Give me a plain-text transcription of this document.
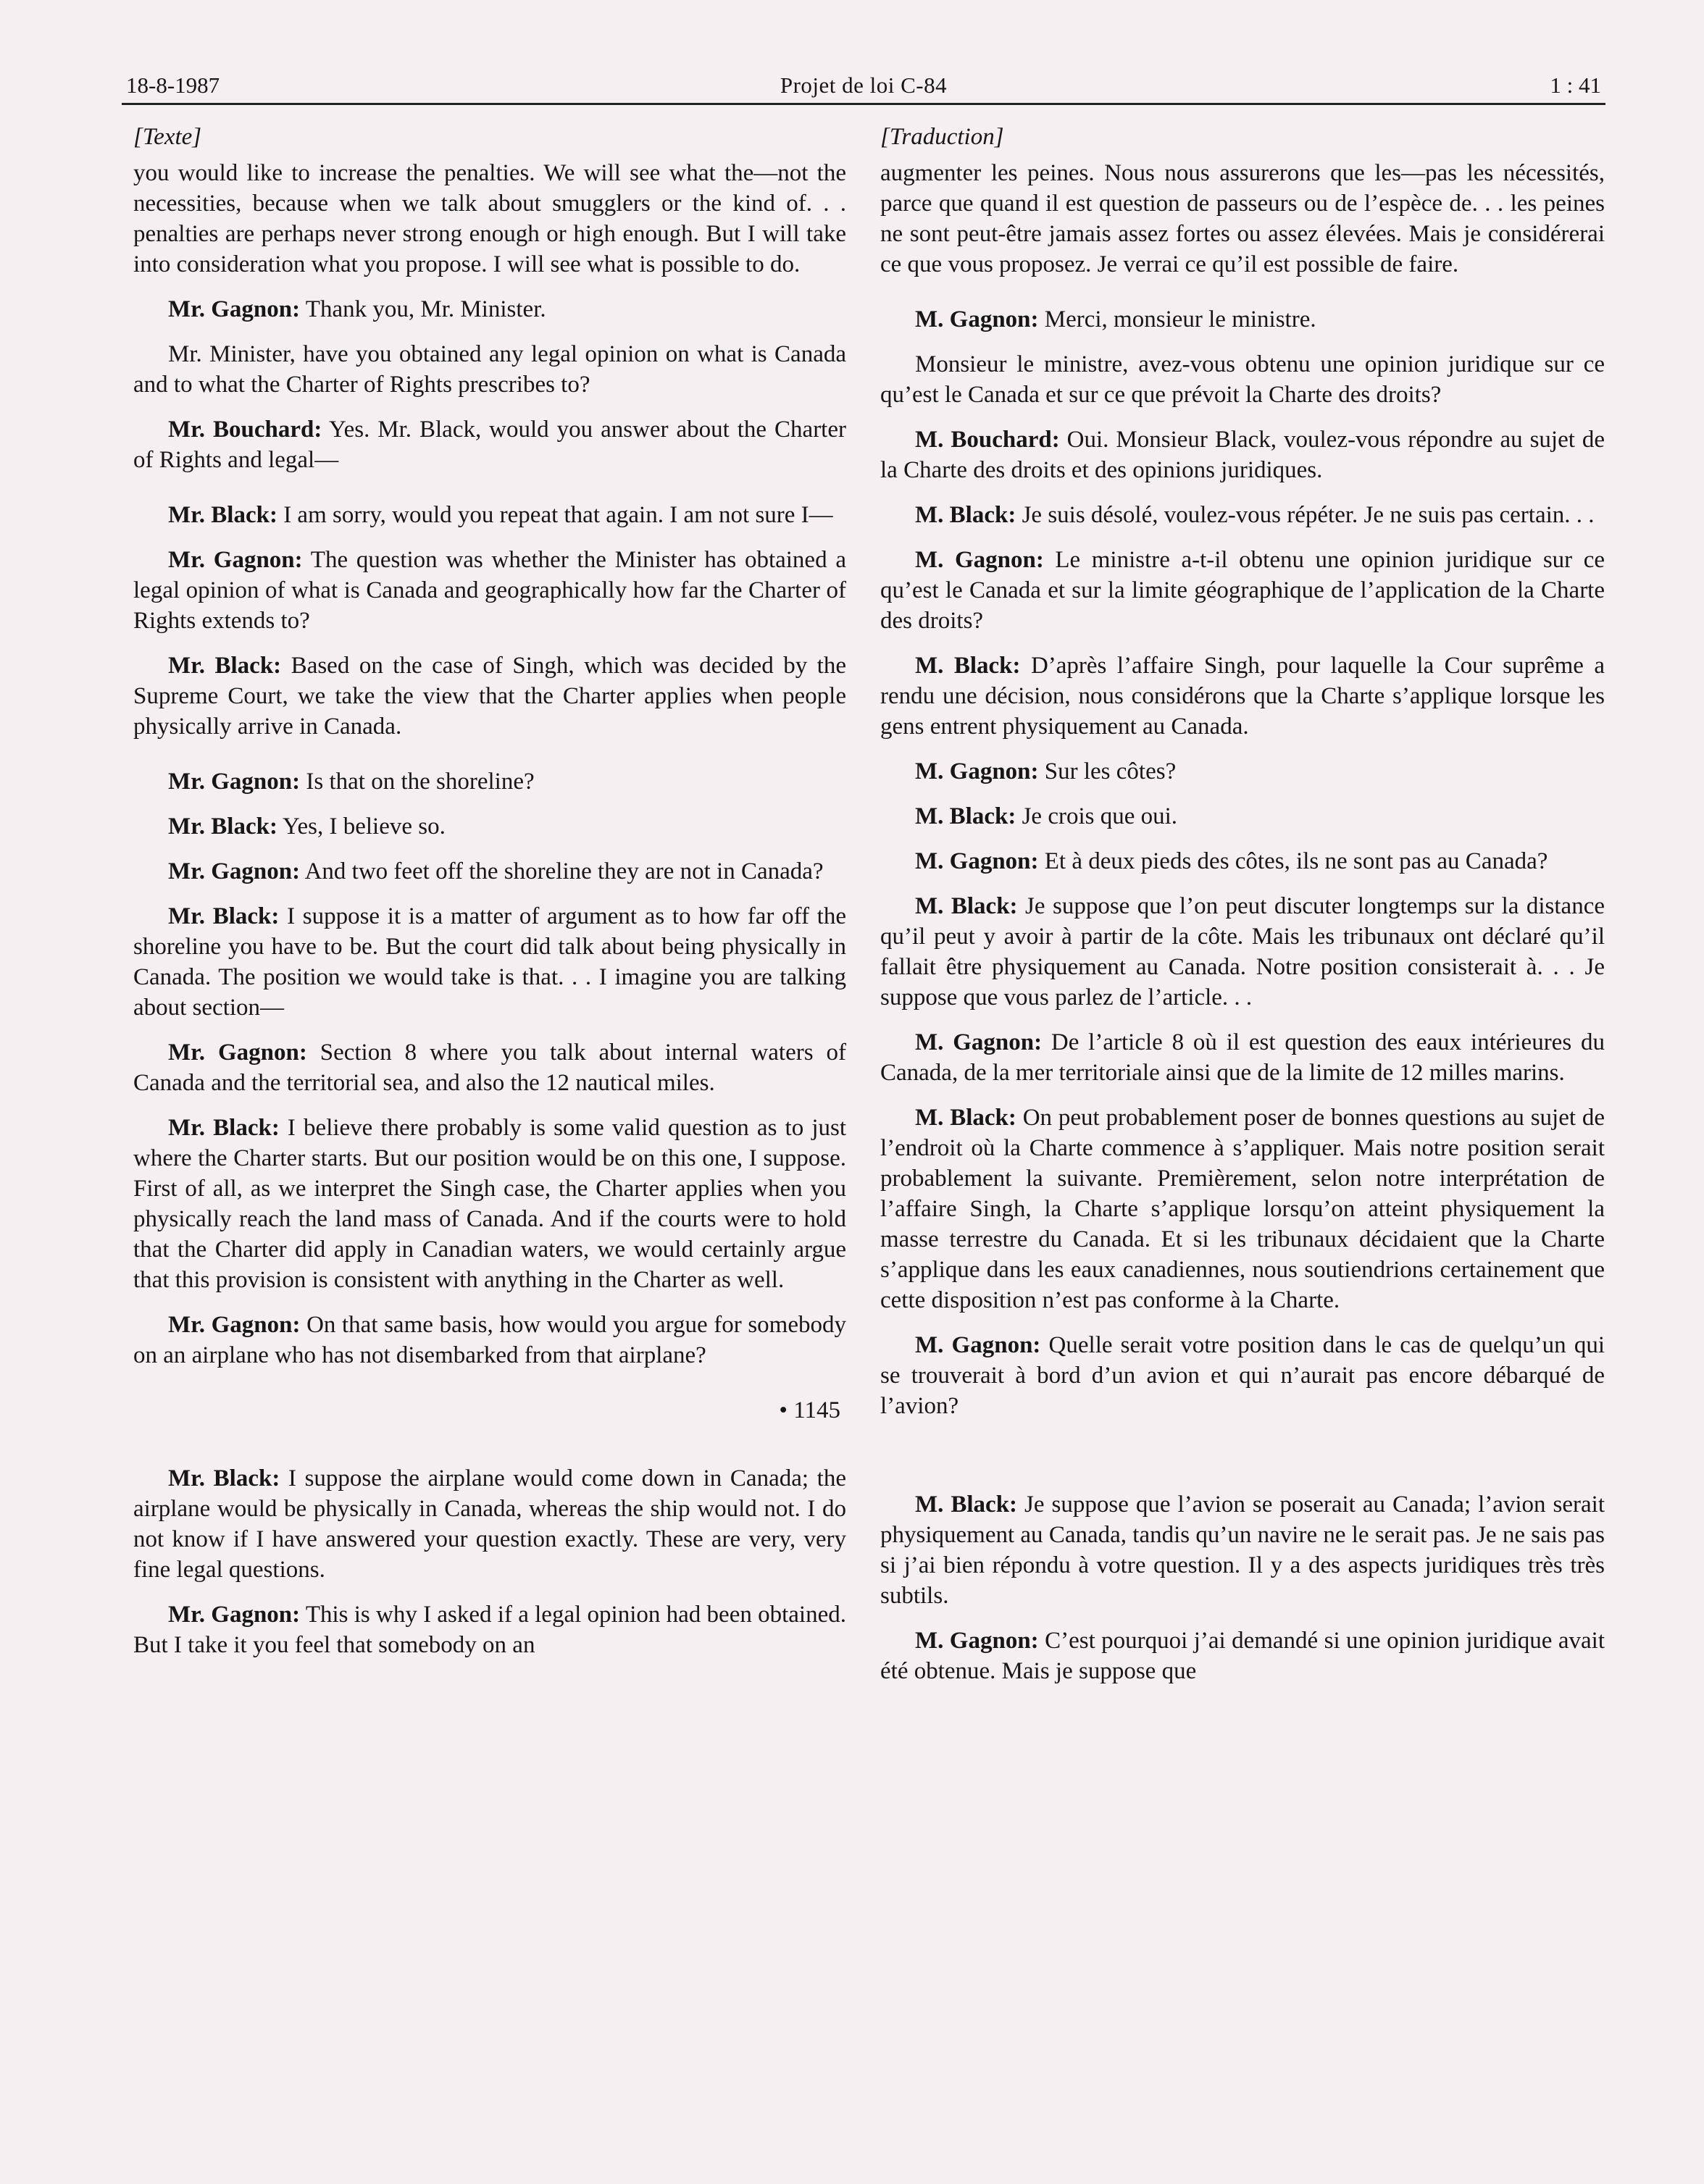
18-8-1987	Projet de loi C-84	1 : 41
[Texte]

you would like to increase the penalties. We will see what the—not the necessities, because when we talk about smugglers or the kind of. . . penalties are perhaps never strong enough or high enough. But I will take into consideration what you propose. I will see what is possible to do.

Mr. Gagnon: Thank you, Mr. Minister.

Mr. Minister, have you obtained any legal opinion on what is Canada and to what the Charter of Rights prescribes to?

Mr. Bouchard: Yes. Mr. Black, would you answer about the Charter of Rights and legal—

Mr. Black: I am sorry, would you repeat that again. I am not sure I—

Mr. Gagnon: The question was whether the Minister has obtained a legal opinion of what is Canada and geographically how far the Charter of Rights extends to?

Mr. Black: Based on the case of Singh, which was decided by the Supreme Court, we take the view that the Charter applies when people physically arrive in Canada.

Mr. Gagnon: Is that on the shoreline?

Mr. Black: Yes, I believe so.

Mr. Gagnon: And two feet off the shoreline they are not in Canada?

Mr. Black: I suppose it is a matter of argument as to how far off the shoreline you have to be. But the court did talk about being physically in Canada. The position we would take is that. . . I imagine you are talking about section—

Mr. Gagnon: Section 8 where you talk about internal waters of Canada and the territorial sea, and also the 12 nautical miles.

Mr. Black: I believe there probably is some valid question as to just where the Charter starts. But our position would be on this one, I suppose. First of all, as we interpret the Singh case, the Charter applies when you physically reach the land mass of Canada. And if the courts were to hold that the Charter did apply in Canadian waters, we would certainly argue that this provision is consistent with anything in the Charter as well.

Mr. Gagnon: On that same basis, how would you argue for somebody on an airplane who has not disembarked from that airplane?

• 1145

Mr. Black: I suppose the airplane would come down in Canada; the airplane would be physically in Canada, whereas the ship would not. I do not know if I have answered your question exactly. These are very, very fine legal questions.

Mr. Gagnon: This is why I asked if a legal opinion had been obtained. But I take it you feel that somebody on an

[Traduction]

augmenter les peines. Nous nous assurerons que les—pas les nécessités, parce que quand il est question de passeurs ou de l’espèce de. . . les peines ne sont peut-être jamais assez fortes ou assez élevées. Mais je considérerai ce que vous proposez. Je verrai ce qu’il est possible de faire.

M. Gagnon: Merci, monsieur le ministre.

Monsieur le ministre, avez-vous obtenu une opinion juridique sur ce qu’est le Canada et sur ce que prévoit la Charte des droits?

M. Bouchard: Oui. Monsieur Black, voulez-vous répondre au sujet de la Charte des droits et des opinions juridiques.

M. Black: Je suis désolé, voulez-vous répéter. Je ne suis pas certain. . .

M. Gagnon: Le ministre a-t-il obtenu une opinion juridique sur ce qu’est le Canada et sur la limite géographique de l’application de la Charte des droits?

M. Black: D’après l’affaire Singh, pour laquelle la Cour suprême a rendu une décision, nous considérons que la Charte s’applique lorsque les gens entrent physiquement au Canada.

M. Gagnon: Sur les côtes?

M. Black: Je crois que oui.

M. Gagnon: Et à deux pieds des côtes, ils ne sont pas au Canada?

M. Black: Je suppose que l’on peut discuter longtemps sur la distance qu’il peut y avoir à partir de la côte. Mais les tribunaux ont déclaré qu’il fallait être physiquement au Canada. Notre position consisterait à. . . Je suppose que vous parlez de l’article. . .

M. Gagnon: De l’article 8 où il est question des eaux intérieures du Canada, de la mer territoriale ainsi que de la limite de 12 milles marins.

M. Black: On peut probablement poser de bonnes questions au sujet de l’endroit où la Charte commence à s’appliquer. Mais notre position serait probablement la suivante. Premièrement, selon notre interprétation de l’affaire Singh, la Charte s’applique lorsqu’on atteint physiquement la masse terrestre du Canada. Et si les tribunaux décidaient que la Charte s’applique dans les eaux canadiennes, nous soutiendrions certainement que cette disposition n’est pas conforme à la Charte.

M. Gagnon: Quelle serait votre position dans le cas de quelqu’un qui se trouverait à bord d’un avion et qui n’aurait pas encore débarqué de l’avion?

M. Black: Je suppose que l’avion se poserait au Canada; l’avion serait physiquement au Canada, tandis qu’un navire ne le serait pas. Je ne sais pas si j’ai bien répondu à votre question. Il y a des aspects juridiques très très subtils.

M. Gagnon: C’est pourquoi j’ai demandé si une opinion juridique avait été obtenue. Mais je suppose que
